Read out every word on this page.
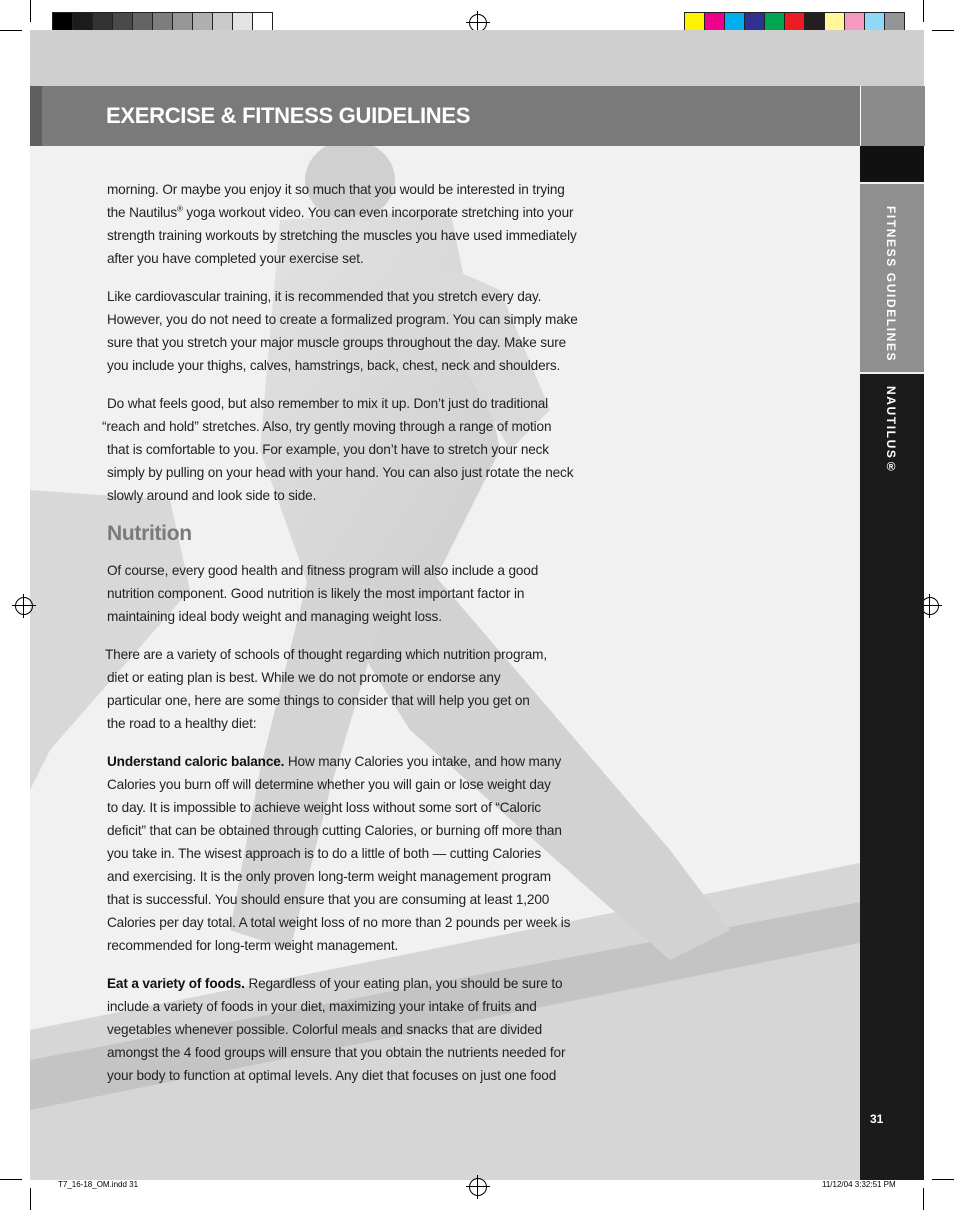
EXERCISE & FITNESS GUIDELINES
FITNESS GUIDELINES
NAUTILUS®
31

morning. Or maybe you enjoy it so much that you would be interested in trying
the Nautilus® yoga workout video. You can even incorporate stretching into your
strength training workouts by stretching the muscles you have used immediately
after you have completed your exercise set.

Like cardiovascular training, it is recommended that you stretch every day.
However, you do not need to create a formalized program. You can simply make
sure that you stretch your major muscle groups throughout the day. Make sure
you include your thighs, calves, hamstrings, back, chest, neck and shoulders.

Do what feels good, but also remember to mix it up. Don’t just do traditional
“reach and hold” stretches. Also, try gently moving through a range of motion
that is comfortable to you. For example, you don’t have to stretch your neck
simply by pulling on your head with your hand. You can also just rotate the neck
slowly around and look side to side.

Nutrition

Of course, every good health and fitness program will also include a good
nutrition component. Good nutrition is likely the most important factor in
maintaining ideal body weight and managing weight loss.

There are a variety of schools of thought regarding which nutrition program,
diet or eating plan is best. While we do not promote or endorse any
particular one, here are some things to consider that will help you get on
the road to a healthy diet:

Understand caloric balance. How many Calories you intake, and how many
Calories you burn off will determine whether you will gain or lose weight day
to day. It is impossible to achieve weight loss without some sort of “Caloric
deficit” that can be obtained through cutting Calories, or burning off more than
you take in. The wisest approach is to do a little of both — cutting Calories
and exercising. It is the only proven long-term weight management program
that is successful. You should ensure that you are consuming at least 1,200
Calories per day total. A total weight loss of no more than 2 pounds per week is
recommended for long-term weight management.

Eat a variety of foods. Regardless of your eating plan, you should be sure to
include a variety of foods in your diet, maximizing your intake of fruits and
vegetables whenever possible. Colorful meals and snacks that are divided
amongst the 4 food groups will ensure that you obtain the nutrients needed for
your body to function at optimal levels. Any diet that focuses on just one food

T7_16-18_OM.indd 31	11/12/04 3:32:51 PM
